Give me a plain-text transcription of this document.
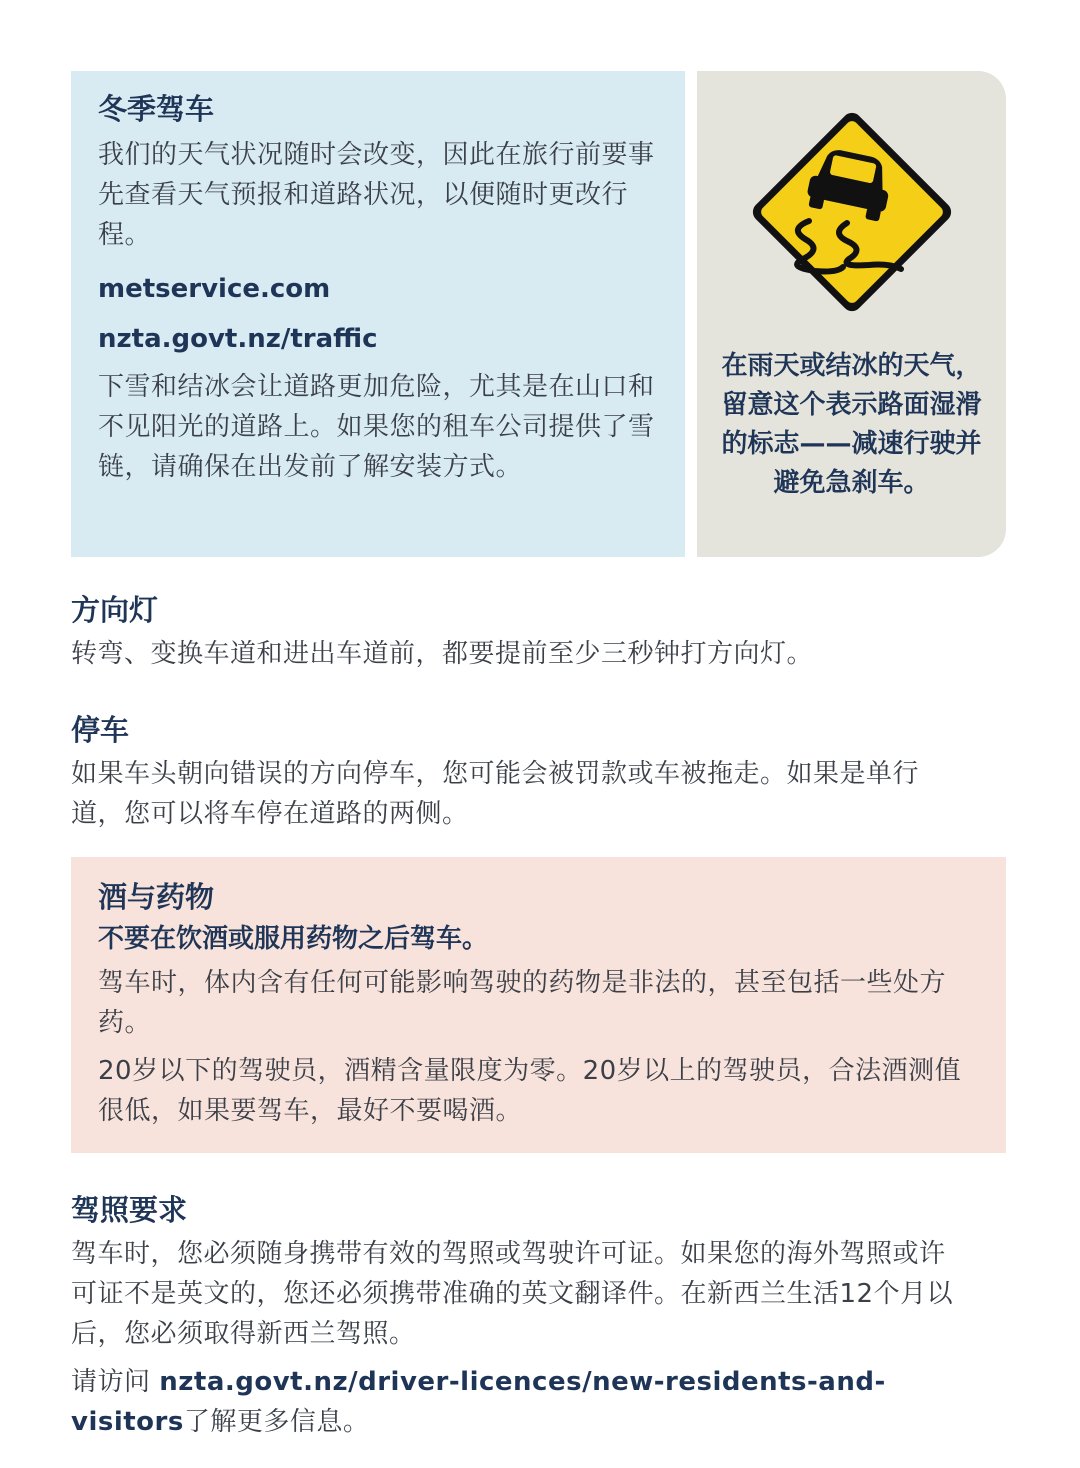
冬季驾车

我们的天气状况随时会改变，因此在旅行前要事先查看天气预报和道路状况，以便随时更改行程。

metservice.com

nzta.govt.nz/traffic

下雪和结冰会让道路更加危险，尤其是在山口和不见阳光的道路上。如果您的租车公司提供了雪链，请确保在出发前了解安装方式。

在雨天或结冰的天气，留意这个表示路面湿滑的标志——减速行驶并避免急刹车。
方向灯

转弯、变换车道和进出车道前，都要提前至少三秒钟打方向灯。

停车

如果车头朝向错误的方向停车，您可能会被罚款或车被拖走。如果是单行道，您可以将车停在道路的两侧。

酒与药物

不要在饮酒或服用药物之后驾车。

驾车时，体内含有任何可能影响驾驶的药物是非法的，甚至包括一些处方药。

20岁以下的驾驶员，酒精含量限度为零。20岁以上的驾驶员，合法酒测值很低，如果要驾车，最好不要喝酒。

驾照要求

驾车时，您必须随身携带有效的驾照或驾驶许可证。如果您的海外驾照或许可证不是英文的，您还必须携带准确的英文翻译件。在新西兰生活12个月以后，您必须取得新西兰驾照。

请访问 nzta.govt.nz/driver-licences/new-residents-and-visitors了解更多信息。
